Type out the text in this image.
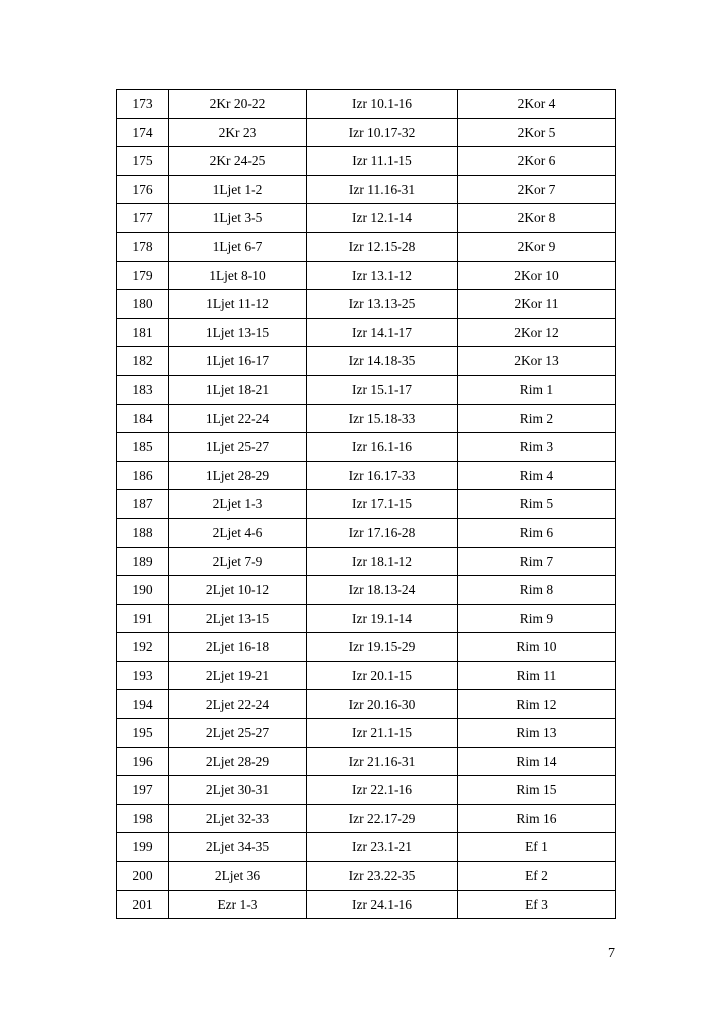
173	2Kr 20-22	Izr 10.1-16	2Kor 4
174	2Kr 23	Izr 10.17-32	2Kor 5
175	2Kr 24-25	Izr 11.1-15	2Kor 6
176	1Ljet 1-2	Izr 11.16-31	2Kor 7
177	1Ljet 3-5	Izr 12.1-14	2Kor 8
178	1Ljet 6-7	Izr 12.15-28	2Kor 9
179	1Ljet 8-10	Izr 13.1-12	2Kor 10
180	1Ljet 11-12	Izr 13.13-25	2Kor 11
181	1Ljet 13-15	Izr 14.1-17	2Kor 12
182	1Ljet 16-17	Izr 14.18-35	2Kor 13
183	1Ljet 18-21	Izr 15.1-17	Rim 1
184	1Ljet 22-24	Izr 15.18-33	Rim 2
185	1Ljet 25-27	Izr 16.1-16	Rim 3
186	1Ljet 28-29	Izr 16.17-33	Rim 4
187	2Ljet 1-3	Izr 17.1-15	Rim 5
188	2Ljet 4-6	Izr 17.16-28	Rim 6
189	2Ljet 7-9	Izr 18.1-12	Rim 7
190	2Ljet 10-12	Izr 18.13-24	Rim 8
191	2Ljet 13-15	Izr 19.1-14	Rim 9
192	2Ljet 16-18	Izr 19.15-29	Rim 10
193	2Ljet 19-21	Izr 20.1-15	Rim 11
194	2Ljet 22-24	Izr 20.16-30	Rim 12
195	2Ljet 25-27	Izr 21.1-15	Rim 13
196	2Ljet 28-29	Izr 21.16-31	Rim 14
197	2Ljet 30-31	Izr 22.1-16	Rim 15
198	2Ljet 32-33	Izr 22.17-29	Rim 16
199	2Ljet 34-35	Izr 23.1-21	Ef 1
200	2Ljet 36	Izr 23.22-35	Ef 2
201	Ezr 1-3	Izr 24.1-16	Ef 3
7
